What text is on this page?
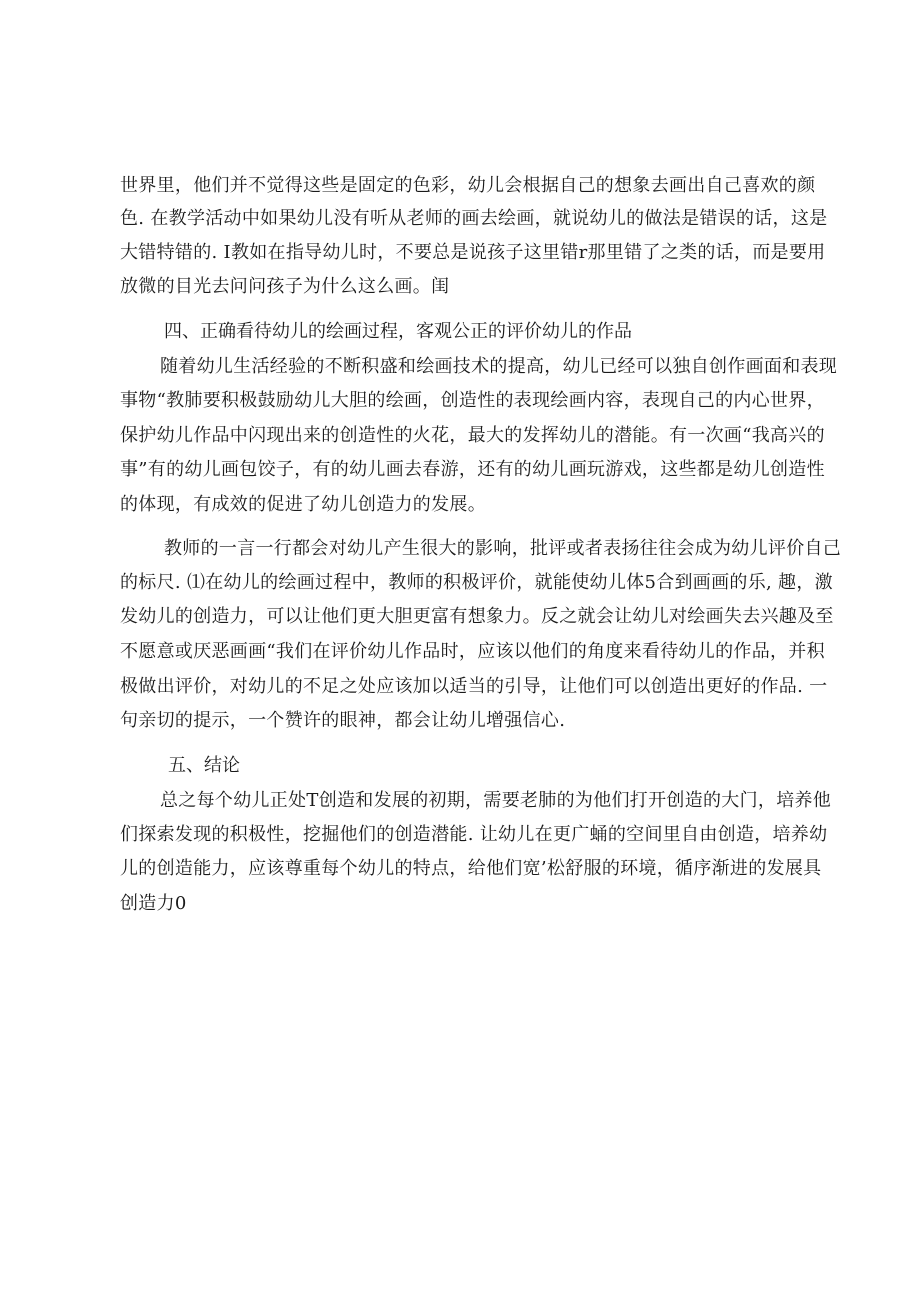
世界里，他们并不觉得这些是固定的色彩，幼儿会根据自己的想象去画出自己喜欢的颜
色. 在教学活动中如果幼儿没有听从老师的画去绘画，就说幼儿的做法是错误的话，这是
大错特错的. I教如在指导幼儿时，不要总是说孩子这里错r那里错了之类的话，而是要用
放微的目光去问问孩子为什么这么画。闺
四、正确看待幼儿的绘画过程，客观公正的评价幼儿的作品
随着幼儿生活经验的不断积盛和绘画技术的提高，幼儿已经可以独自创作画面和表现
事物“教肺要积极鼓励幼儿大胆的绘画，创造性的表现绘画内容，表现自己的内心世界，
保护幼儿作品中闪现出来的创造性的火花，最大的发挥幼儿的潜能。有一次画“我高兴的
事”有的幼儿画包饺子，有的幼儿画去春游，还有的幼儿画玩游戏，这些都是幼儿创造性
的体现，有成效的促进了幼儿创造力的发展。
教师的一言一行都会对幼儿产生很大的影响，批评或者表扬往往会成为幼儿评价自己
的标尺. ⑴在幼儿的绘画过程中，教师的积极评价，就能使幼儿体5合到画画的乐, 趣，激
发幼儿的创造力，可以让他们更大胆更富有想象力。反之就会让幼儿对绘画失去兴趣及至
不愿意或厌恶画画“我们在评价幼儿作品时，应该以他们的角度来看待幼儿的作品，并积
极做出评价，对幼儿的不足之处应该加以适当的引导，让他们可以创造出更好的作品. 一
句亲切的提示，一个赞许的眼神，都会让幼儿增强信心.
五、结论
总之每个幼儿正处T创造和发展的初期，需要老肺的为他们打开创造的大门，培养他
们探索发现的积极性，挖掘他们的创造潜能. 让幼儿在更广蛹的空间里自由创造，培养幼
儿的创造能力，应该尊重每个幼儿的特点，给他们宽’松舒服的环境，循序渐进的发展具
创造力0
